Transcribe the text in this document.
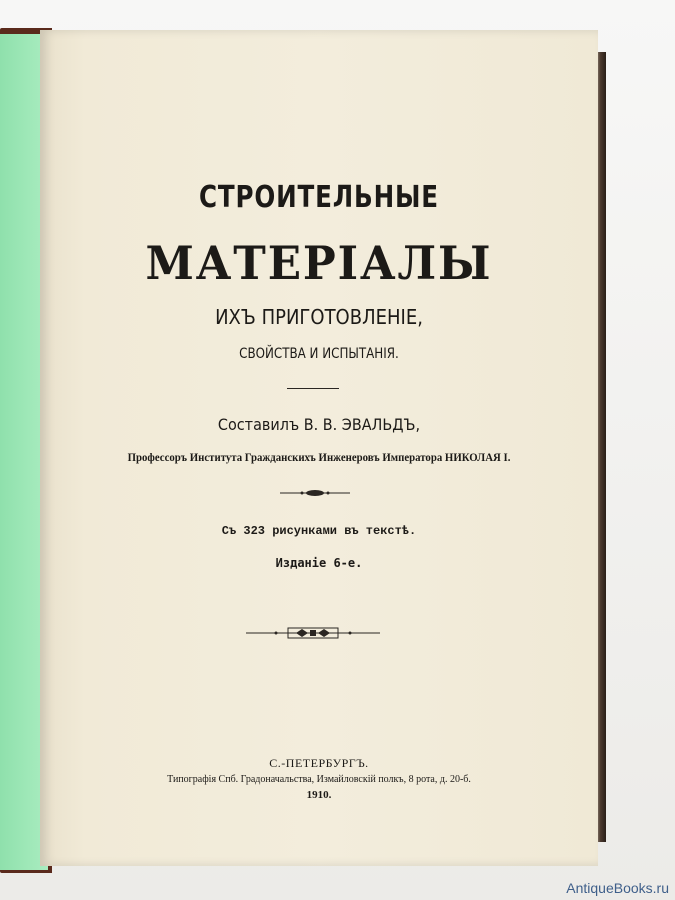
СТРОИТЕЛЬНЫЕ
МАТЕРІАЛЫ
ИХЪ ПРИГОТОВЛЕНІЕ,
СВОЙСТВА И ИСПЫТАНІЯ.
Составилъ В. В. ЭВАЛЬДЪ,
Профессоръ Института Гражданскихъ Инженеровъ Императора НИКОЛАЯ I.
Съ 323 рисунками въ текстѣ.
Изданіе 6-е.
С.-ПЕТЕРБУРГЪ.
Типографія Спб. Градоначальства, Измайловскій полкъ, 8 рота, д. 20-б.
1910.
AntiqueBooks.ru
